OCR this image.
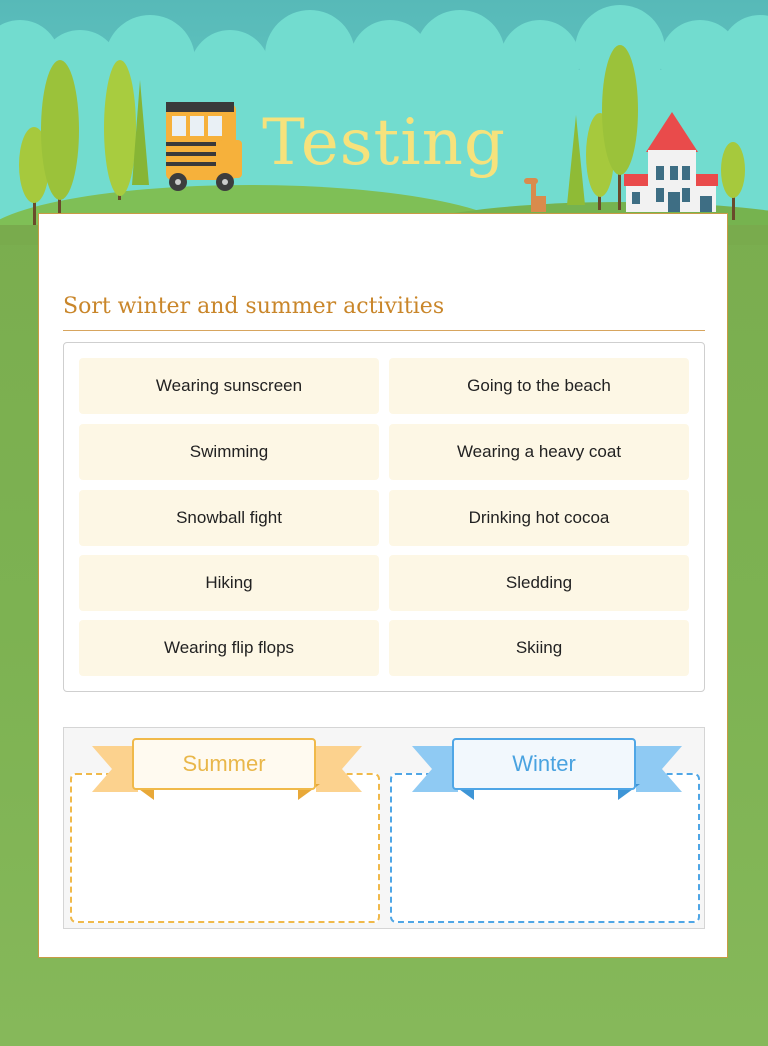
Testing
Sort winter and summer activities
Wearing sunscreen	Going to the beach
Swimming	Wearing a heavy coat
Snowball fight	Drinking hot cocoa
Hiking	Sledding
Wearing flip flops	Skiing
Summer	Winter
